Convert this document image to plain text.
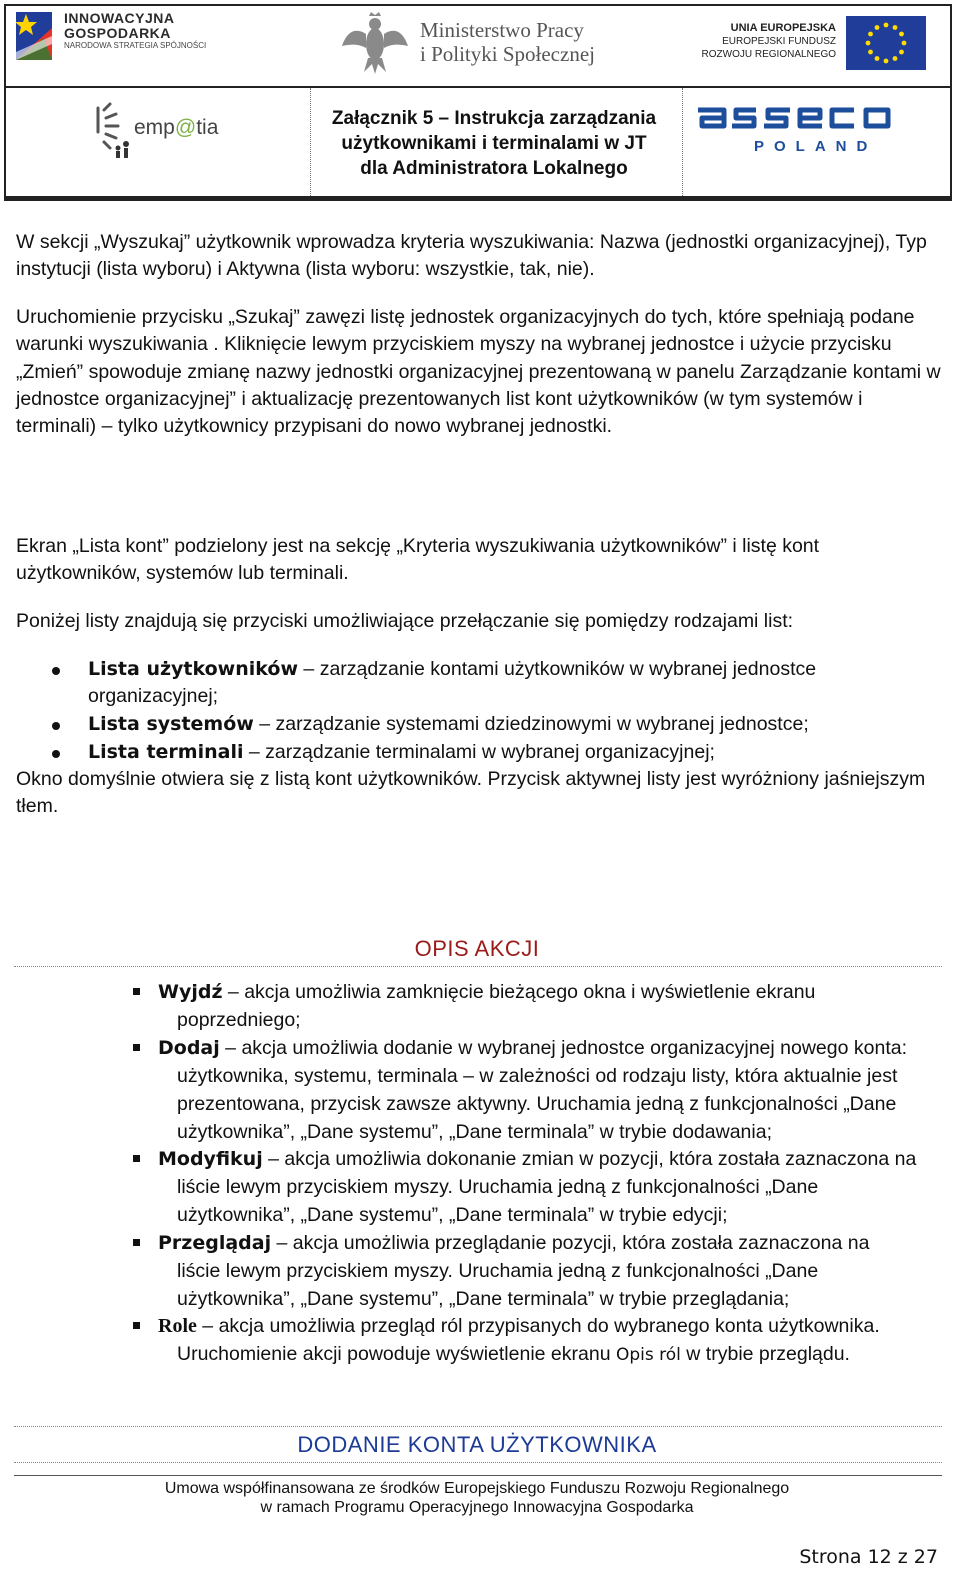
INNOWACYJNA
GOSPODARKA
NARODOWA STRATEGIA SPÓJNOŚCI
Ministerstwo Pracy
i Polityki Społecznej
UNIA EUROPEJSKA
EUROPEJSKI FUNDUSZ
ROZWOJU REGIONALNEGO
emp@tia	Załącznik 5 – Instrukcja zarządzania
użytkownikami i terminalami w JT
dla Administratora Lokalnego
POLAND

W sekcji „Wyszukaj” użytkownik wprowadza kryteria wyszukiwania: Nazwa (jednostki organizacyjnej), Typ instytucji (lista wyboru) i Aktywna (lista wyboru: wszystkie, tak, nie).

Uruchomienie przycisku „Szukaj” zawęzi listę jednostek organizacyjnych do tych, które spełniają podane warunki wyszukiwania . Kliknięcie lewym przyciskiem myszy na wybranej jednostce i użycie przycisku „Zmień” spowoduje zmianę nazwy jednostki organizacyjnej prezentowaną w panelu Zarządzanie kontami w jednostce organizacyjnej” i aktualizację prezentowanych list kont użytkowników (w tym systemów i terminali) – tylko użytkownicy przypisani do nowo wybranej jednostki.

Ekran „Lista kont” podzielony jest na sekcję „Kryteria wyszukiwania użytkowników” i listę kont użytkowników, systemów lub terminali.

Poniżej listy znajdują się przyciski umożliwiające przełączanie się pomiędzy rodzajami list:

Lista użytkowników – zarządzanie kontami użytkowników w wybranej jednostce organizacyjnej;
Lista systemów – zarządzanie systemami dziedzinowymi w wybranej jednostce;
Lista terminali – zarządzanie terminalami w wybranej organizacyjnej;

Okno domyślnie otwiera się z listą kont użytkowników. Przycisk aktywnej listy jest wyróżniony jaśniejszym tłem.

OPIS AKCJI
Wyjdź – akcja umożliwia zamknięcie bieżącego okna i wyświetlenie ekranu
poprzedniego;
Dodaj – akcja umożliwia dodanie w wybranej jednostce organizacyjnej nowego konta:
użytkownika, systemu, terminala – w zależności od rodzaju listy, która aktualnie jest
prezentowana, przycisk zawsze aktywny. Uruchamia jedną z funkcjonalności „Dane
użytkownika”, „Dane systemu”, „Dane terminala” w trybie dodawania;
Modyfikuj – akcja umożliwia dokonanie zmian w pozycji, która została zaznaczona na
liście lewym przyciskiem myszy. Uruchamia jedną z funkcjonalności „Dane
użytkownika”, „Dane systemu”, „Dane terminala” w trybie edycji;
Przeglądaj – akcja umożliwia przeglądanie pozycji, która została zaznaczona na
liście lewym przyciskiem myszy. Uruchamia jedną z funkcjonalności „Dane
użytkownika”, „Dane systemu”, „Dane terminala” w trybie przeglądania;
Role – akcja umożliwia przegląd ról przypisanych do wybranego konta użytkownika.
Uruchomienie akcji powoduje wyświetlenie ekranu Opis ról w trybie przeglądu.
DODANIE KONTA UŻYTKOWNIKA
Umowa współfinansowana ze środków Europejskiego Funduszu Rozwoju Regionalnego
w ramach Programu Operacyjnego Innowacyjna Gospodarka
Strona 12 z 27
